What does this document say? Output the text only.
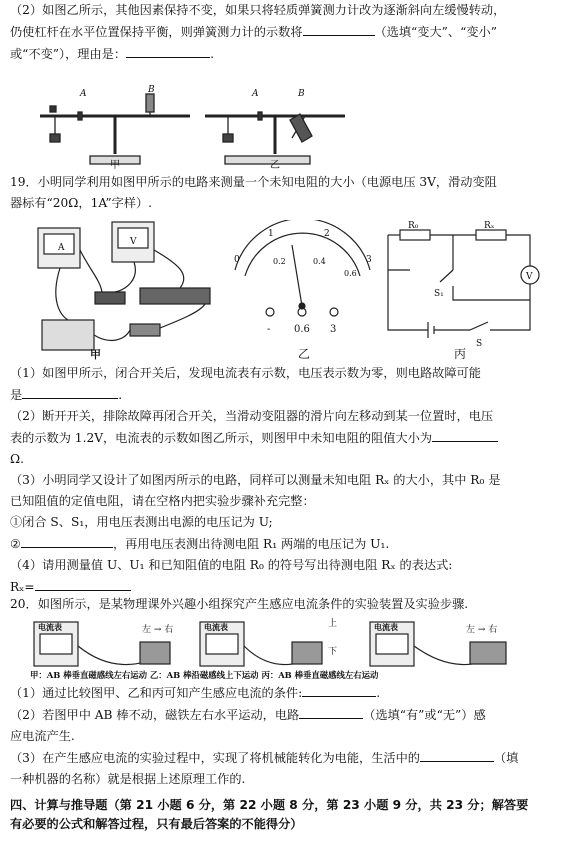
（2）如图乙所示，其他因素保持不变，如果只将轻质弹簧测力计改为逐渐斜向左缓慢转动，
仍使杠杆在水平位置保持平衡，则弹簧测力计的示数将	（选填“变大”、“变小”
或“不变”），理由是：	.
A	B	A	B
甲	乙
19．小明同学利用如图甲所示的电路来测量一个未知电阻的大小（电源电压 3V，滑动变阻
器标有“20Ω，1A”字样）.
A
V
甲
0
1	2
3
0.2	0.4
0.6
- 0.6 3
乙
R₀	Rₓ
S₁
S
V
丙
（1）如图甲所示，闭合开关后，发现电流表有示数，电压表示数为零，则电路故障可能
是	.
（2）断开开关，排除故障再闭合开关，当滑动变阻器的滑片向左移动到某一位置时，电压
表的示数为 1.2V，电流表的示数如图乙所示，则图甲中未知电阻的阻值大小为
Ω.
（3）小明同学又设计了如图丙所示的电路，同样可以测量未知电阻 Rₓ 的大小，其中 R₀ 是
已知阻值的定值电阻，请在空格内把实验步骤补充完整：
①闭合 S、S₁，用电压表测出电源的电压记为 U;
②	，再用电压表测出待测电阻 R₁ 两端的电压记为 U₁.
（4）请用测量值 U、U₁ 和已知阻值的电阻 R₀ 的符号写出待测电阻 Rₓ 的表达式:
Rₓ=
20．如图所示，是某物理课外兴趣小组探究产生感应电流条件的实验装置及实验步骤.
电流表	电流表	电流表
左 → 右
上
下
左 → 右
甲：AB 棒垂直磁感线左右运动 乙：AB 棒沿磁感线上下运动 丙：AB 棒垂直磁感线左右运动
（1）通过比较图甲、乙和丙可知产生感应电流的条件:	.
（2）若图甲中 AB 棒不动，磁铁左右水平运动，电路	（选填“有”或“无”）感
应电流产生.
（3）在产生感应电流的实验过程中，实现了将机械能转化为电能，生活中的	（填
一种机器的名称）就是根据上述原理工作的.
四、计算与推导题（第 21 小题 6 分，第 22 小题 8 分，第 23 小题 9 分，共 23 分；解答要
有必要的公式和解答过程，只有最后答案的不能得分）
